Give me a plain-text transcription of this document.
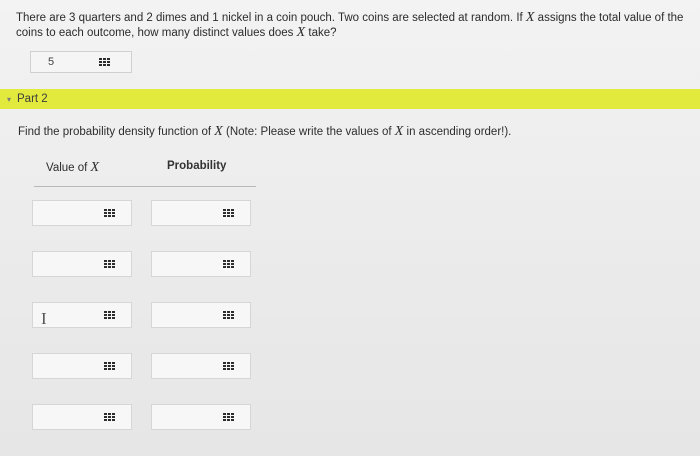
There are 3 quarters and 2 dimes and 1 nickel in a coin pouch. Two coins are selected at random. If X assigns the total value of the
coins to each outcome, how many distinct values does X take?
5
▾ Part 2
Find the probability density function of X (Note: Please write the values of X in ascending order!).
Value of X	Probability
I
